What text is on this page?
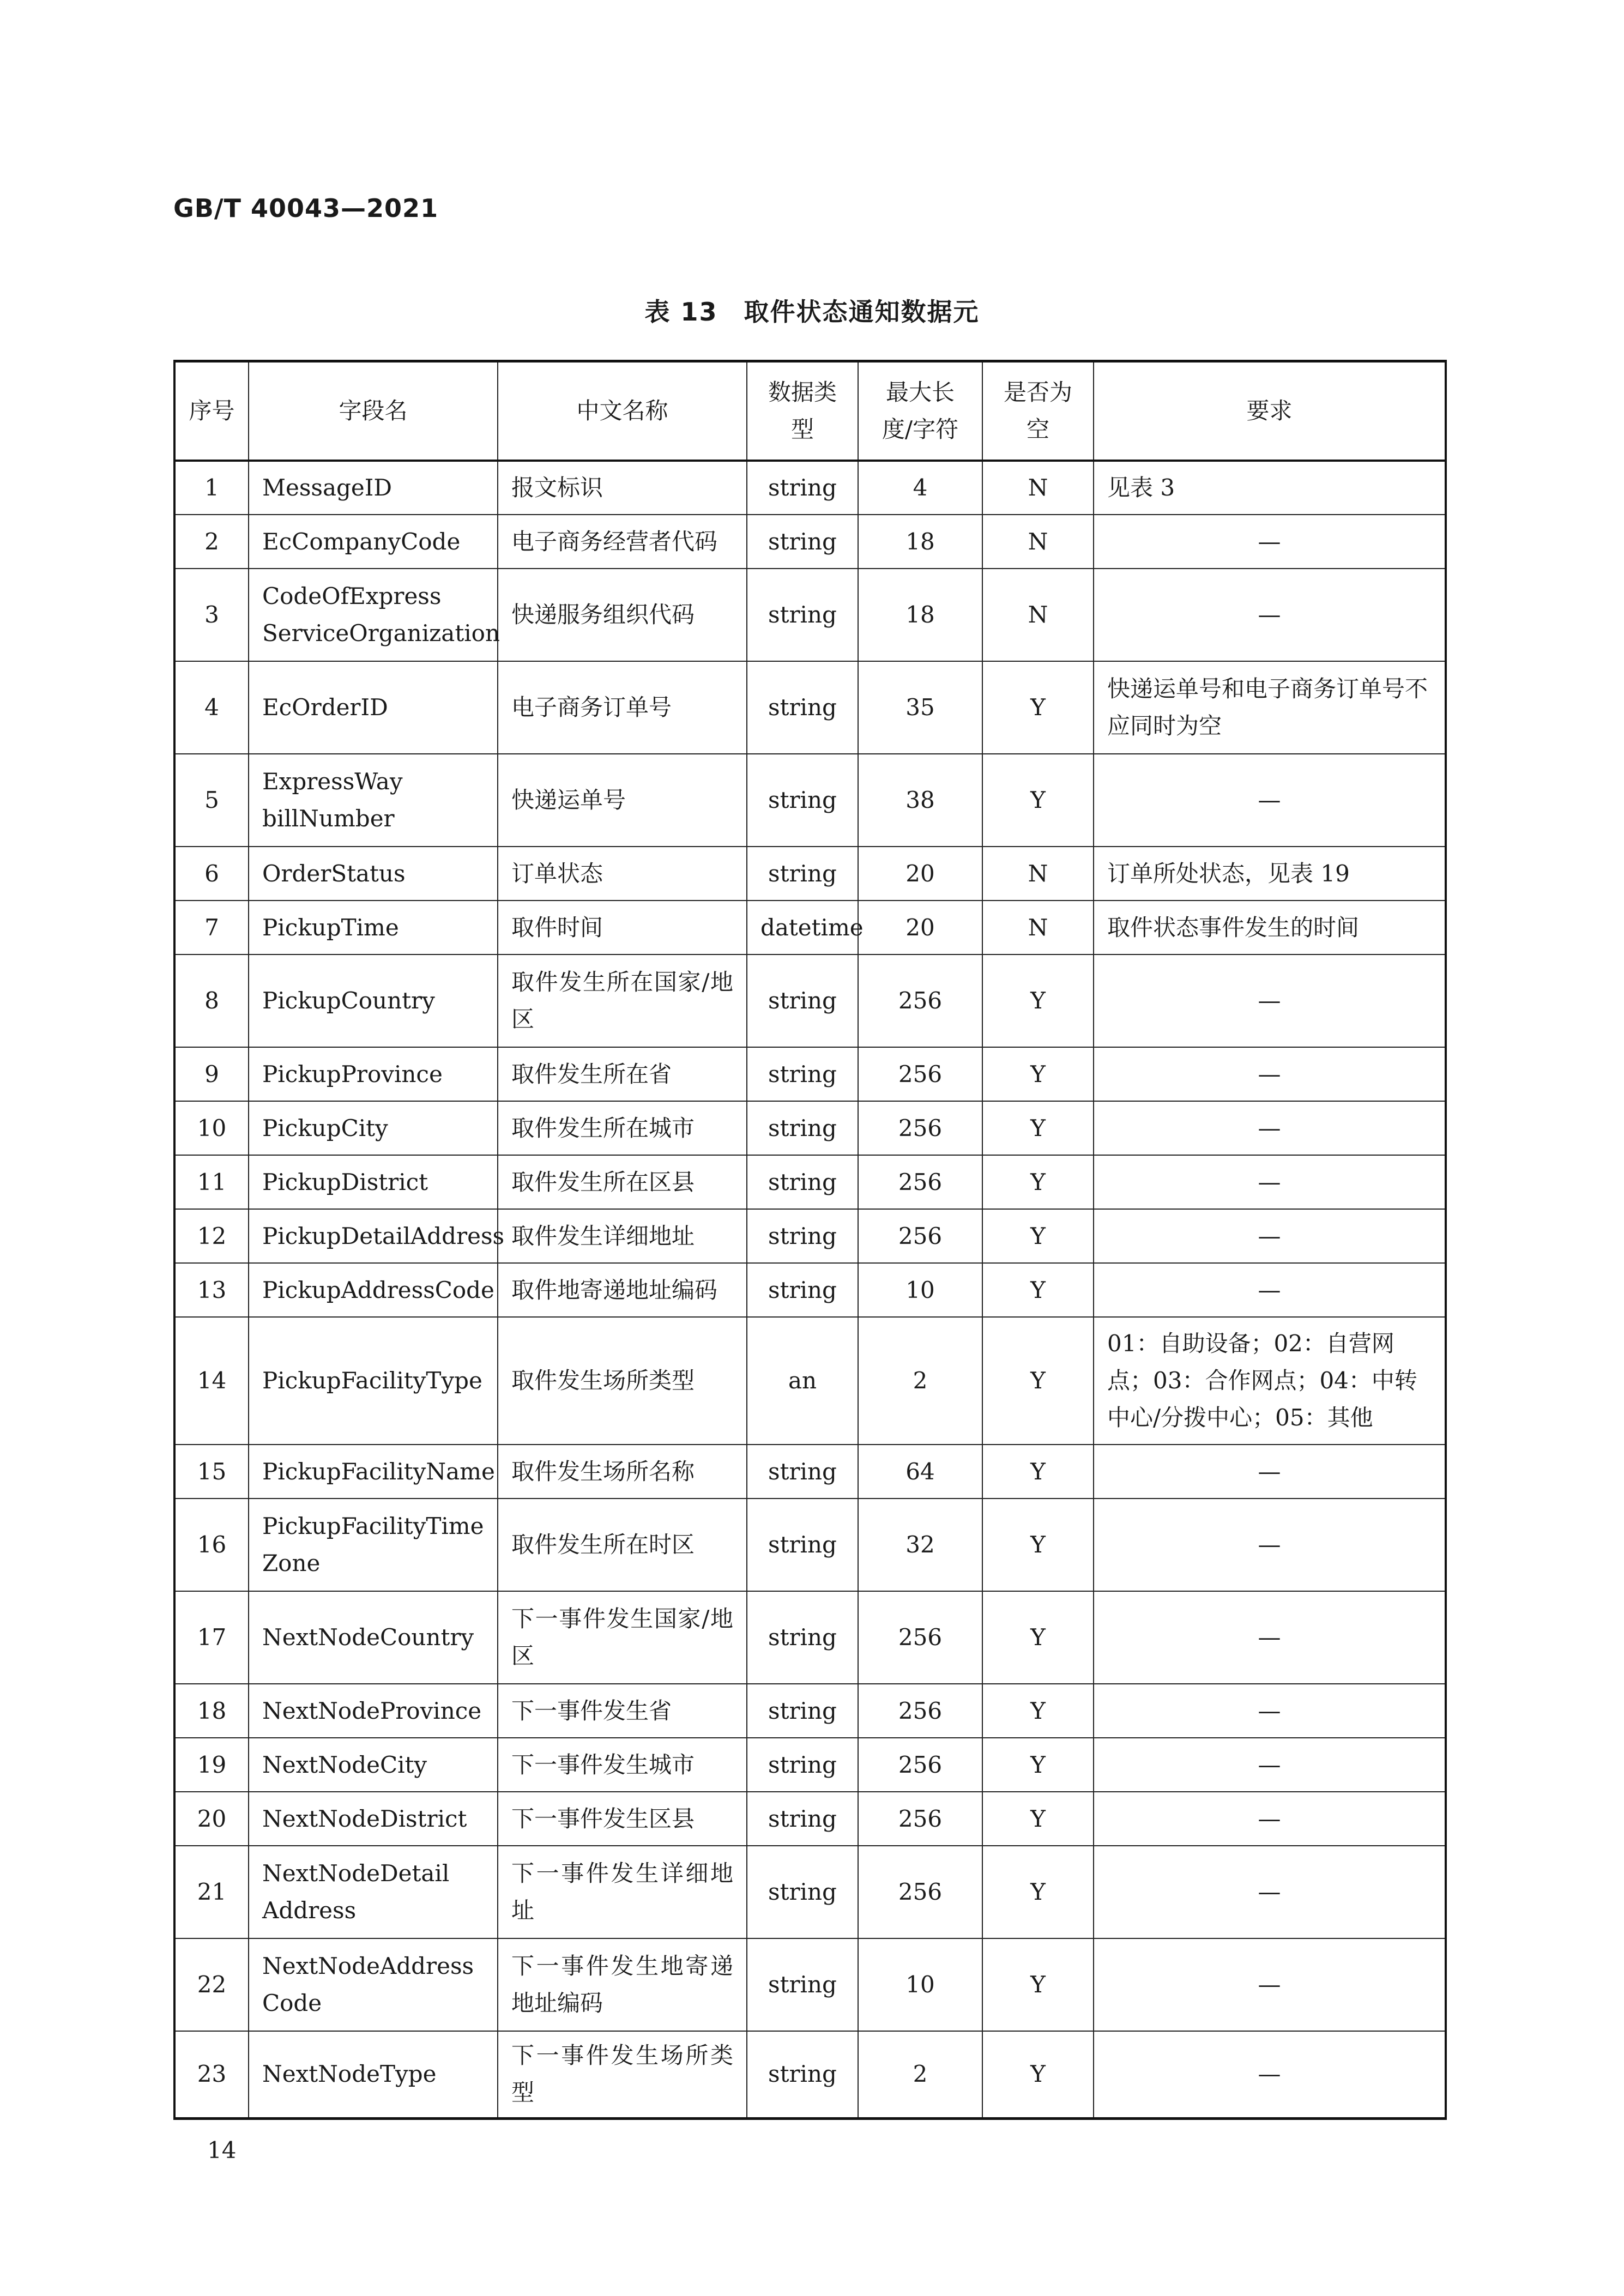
GB/T 40043—2021
表 13　取件状态通知数据元
序号	字段名	中文名称	数据类型	最大长度/字符	是否为空	要求
1	MessageID	报文标识	string	4	N	见表 3
2	EcCompanyCode	电子商务经营者代码	string	18	N	—
3	CodeOfExpress ServiceOrganization	快递服务组织代码	string	18	N	—
4	EcOrderID	电子商务订单号	string	35	Y	快递运单号和电子商务订单号不应同时为空
5	ExpressWay billNumber	快递运单号	string	38	Y	—
6	OrderStatus	订单状态	string	20	N	订单所处状态，见表 19
7	PickupTime	取件时间	datetime	20	N	取件状态事件发生的时间
8	PickupCountry	取件发生所在国家/地区	string	256	Y	—
9	PickupProvince	取件发生所在省	string	256	Y	—
10	PickupCity	取件发生所在城市	string	256	Y	—
11	PickupDistrict	取件发生所在区县	string	256	Y	—
12	PickupDetailAddress	取件发生详细地址	string	256	Y	—
13	PickupAddressCode	取件地寄递地址编码	string	10	Y	—
14	PickupFacilityType	取件发生场所类型	an	2	Y	01：自助设备；02：自营网点；03：合作网点；04：中转中心/分拨中心；05：其他
15	PickupFacilityName	取件发生场所名称	string	64	Y	—
16	PickupFacilityTime Zone	取件发生所在时区	string	32	Y	—
17	NextNodeCountry	下一事件发生国家/地区	string	256	Y	—
18	NextNodeProvince	下一事件发生省	string	256	Y	—
19	NextNodeCity	下一事件发生城市	string	256	Y	—
20	NextNodeDistrict	下一事件发生区县	string	256	Y	—
21	NextNodeDetail Address	下一事件发生详细地址	string	256	Y	—
22	NextNodeAddress Code	下一事件发生地寄递地址编码	string	10	Y	—
23	NextNodeType	下一事件发生场所类型	string	2	Y	—
14
